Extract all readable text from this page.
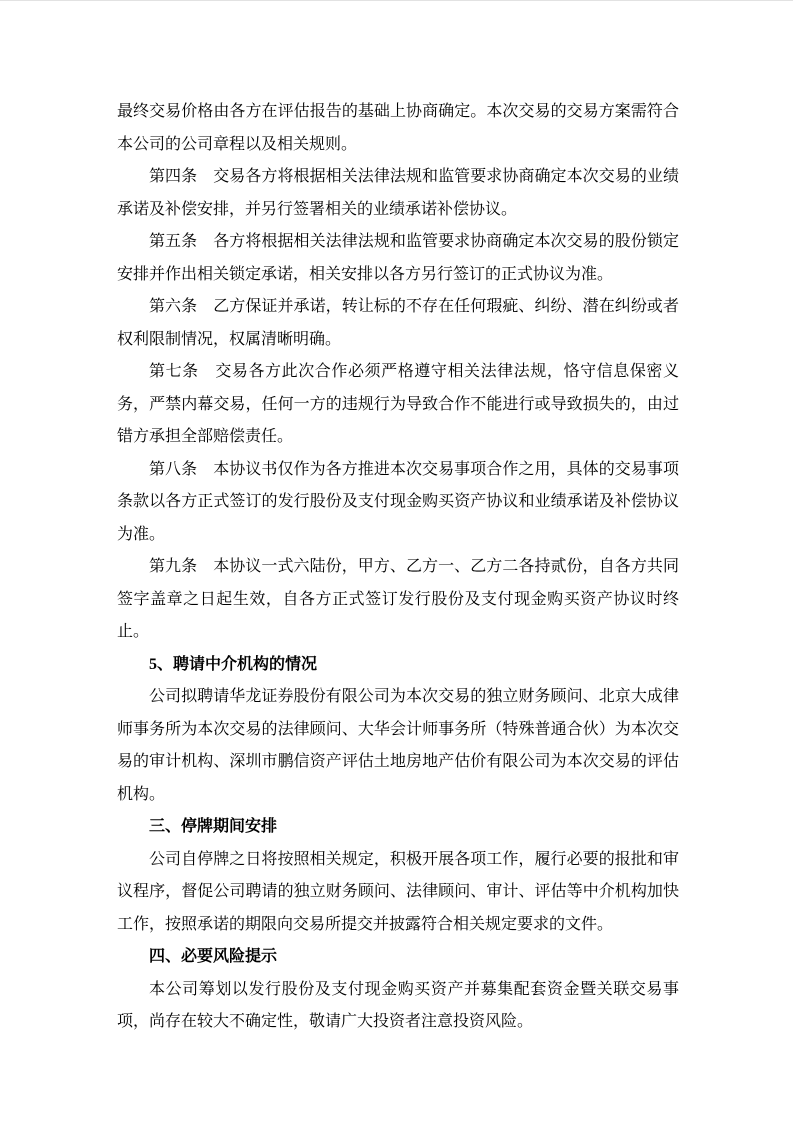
最终交易价格由各方在评估报告的基础上协商确定。本次交易的交易方案需符合本公司的公司章程以及相关规则。

第四条　交易各方将根据相关法律法规和监管要求协商确定本次交易的业绩承诺及补偿安排，并另行签署相关的业绩承诺补偿协议。

第五条　各方将根据相关法律法规和监管要求协商确定本次交易的股份锁定安排并作出相关锁定承诺，相关安排以各方另行签订的正式协议为准。

第六条　乙方保证并承诺，转让标的不存在任何瑕疵、纠纷、潜在纠纷或者权利限制情况，权属清晰明确。

第七条　交易各方此次合作必须严格遵守相关法律法规，恪守信息保密义务，严禁内幕交易，任何一方的违规行为导致合作不能进行或导致损失的，由过错方承担全部赔偿责任。

第八条　本协议书仅作为各方推进本次交易事项合作之用，具体的交易事项条款以各方正式签订的发行股份及支付现金购买资产协议和业绩承诺及补偿协议为准。

第九条　本协议一式六陆份，甲方、乙方一、乙方二各持贰份，自各方共同签字盖章之日起生效，自各方正式签订发行股份及支付现金购买资产协议时终止。

5、聘请中介机构的情况

公司拟聘请华龙证券股份有限公司为本次交易的独立财务顾问、北京大成律师事务所为本次交易的法律顾问、大华会计师事务所（特殊普通合伙）为本次交易的审计机构、深圳市鹏信资产评估土地房地产估价有限公司为本次交易的评估机构。

三、停牌期间安排

公司自停牌之日将按照相关规定，积极开展各项工作，履行必要的报批和审议程序，督促公司聘请的独立财务顾问、法律顾问、审计、评估等中介机构加快工作，按照承诺的期限向交易所提交并披露符合相关规定要求的文件。

四、必要风险提示

本公司筹划以发行股份及支付现金购买资产并募集配套资金暨关联交易事项，尚存在较大不确定性，敬请广大投资者注意投资风险。
